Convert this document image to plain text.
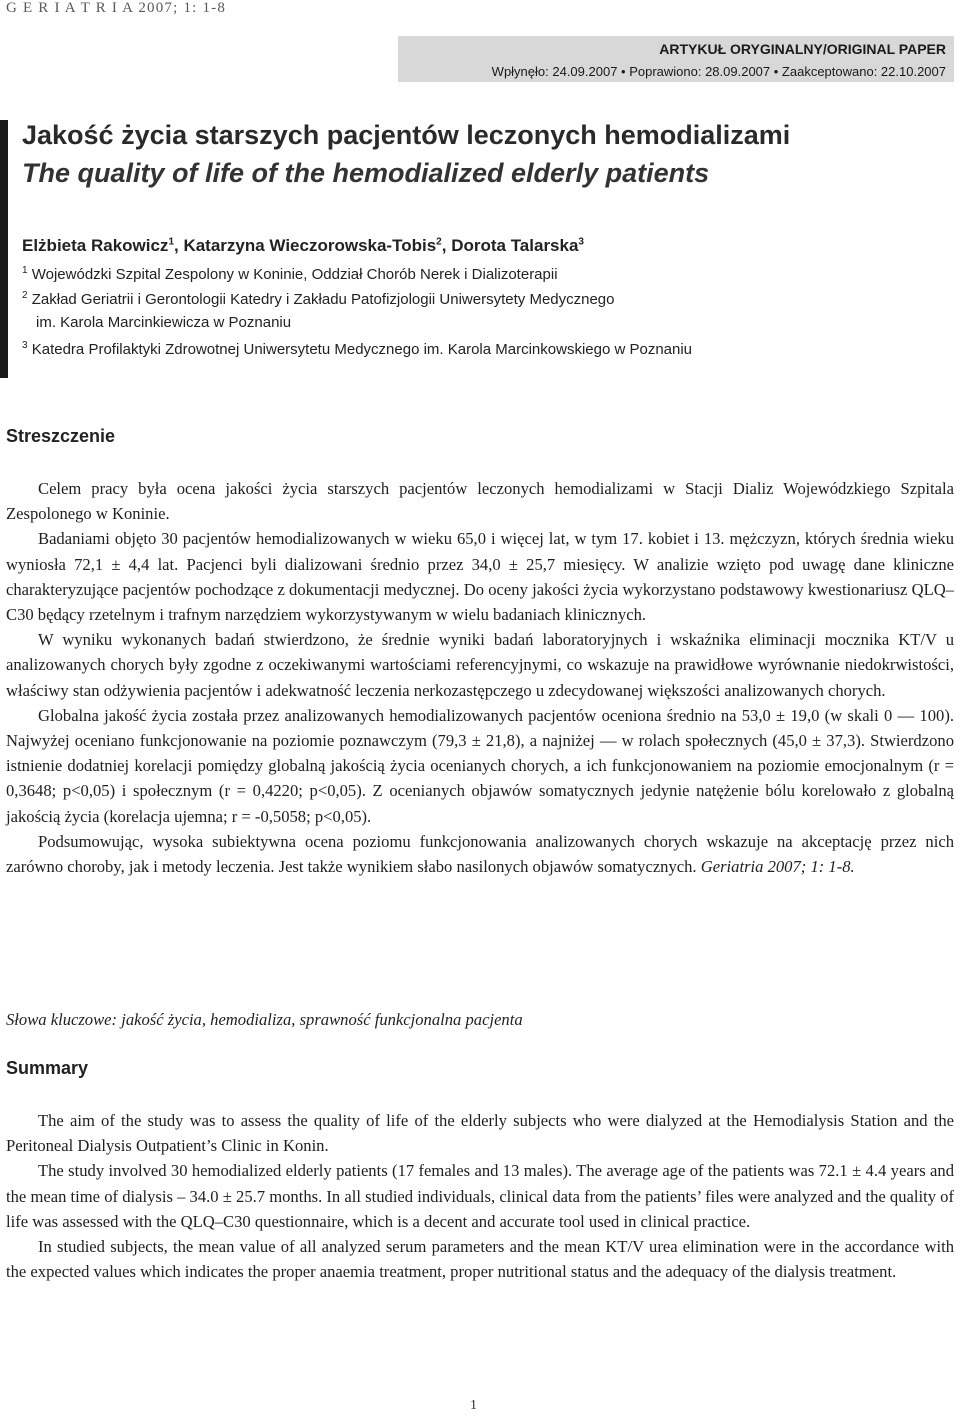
G E R I A T R I A 2007; 1: 1-8
ARTYKUŁ ORYGINALNY/ORIGINAL PAPER
Wpłynęło: 24.09.2007 • Poprawiono: 28.09.2007 • Zaakceptowano: 22.10.2007
Jakość życia starszych pacjentów leczonych hemodializami
The quality of life of the hemodialized elderly patients
Elżbieta Rakowicz$^1$, Katarzyna Wieczorowska-Tobis$^2$, Dorota Talarska$^3$
$^1$ Wojewódzki Szpital Zespolony w Koninie, Oddział Chorób Nerek i Dializoterapii
$^2$ Zakład Geriatrii i Gerontologii Katedry i Zakładu Patofizjologii Uniwersytety Medycznego
im. Karola Marcinkiewicza w Poznaniu
$^3$ Katedra Profilaktyki Zdrowotnej Uniwersytetu Medycznego im. Karola Marcinkowskiego w Poznaniu
Streszczenie

Celem pracy była ocena jakości życia starszych pacjentów leczonych hemodializami w Stacji Dializ Wojewódzkiego Szpitala Zespolonego w Koninie.

Badaniami objęto 30 pacjentów hemodializowanych w wieku 65,0 i więcej lat, w tym 17. kobiet i 13. mężczyzn, których średnia wieku wyniosła 72,1 ± 4,4 lat. Pacjenci byli dializowani średnio przez 34,0 ± 25,7 miesięcy. W analizie wzięto pod uwagę dane kliniczne charakteryzujące pacjentów pochodzące z dokumentacji medycznej. Do oceny jakości życia wykorzystano podstawowy kwestionariusz QLQ–C30 będący rzetelnym i trafnym narzędziem wykorzystywanym w wielu badaniach klinicznych.

W wyniku wykonanych badań stwierdzono, że średnie wyniki badań laboratoryjnych i wskaźnika eliminacji mocznika KT/V u analizowanych chorych były zgodne z oczekiwanymi wartościami referencyjnymi, co wskazuje na prawidłowe wyrównanie niedokrwistości, właściwy stan odżywienia pacjentów i adekwatność leczenia nerkozastępczego u zdecydowanej większości analizowanych chorych.

Globalna jakość życia została przez analizowanych hemodializowanych pacjentów oceniona średnio na 53,0 ± 19,0 (w skali 0 — 100). Najwyżej oceniano funkcjonowanie na poziomie poznawczym (79,3 ± 21,8), a najniżej — w rolach społecznych (45,0 ± 37,3). Stwierdzono istnienie dodatniej korelacji pomiędzy globalną jakością życia ocenianych chorych, a ich funkcjonowaniem na poziomie emocjonalnym (r = 0,3648; p<0,05) i społecznym (r = 0,4220; p<0,05). Z ocenianych objawów somatycznych jedynie natężenie bólu korelowało z globalną jakością życia (korelacja ujemna; r = -0,5058; p<0,05).

Podsumowując, wysoka subiektywna ocena poziomu funkcjonowania analizowanych chorych wskazuje na akceptację przez nich zarówno choroby, jak i metody leczenia. Jest także wynikiem słabo nasilonych objawów somatycznych. Geriatria 2007; 1: 1-8.

Słowa kluczowe: jakość życia, hemodializa, sprawność funkcjonalna pacjenta
Summary

The aim of the study was to assess the quality of life of the elderly subjects who were dialyzed at the Hemodialysis Station and the Peritoneal Dialysis Outpatient’s Clinic in Konin.

The study involved 30 hemodialized elderly patients (17 females and 13 males). The average age of the patients was 72.1 ± 4.4 years and the mean time of dialysis – 34.0 ± 25.7 months. In all studied individuals, clinical data from the patients’ files were analyzed and the quality of life was assessed with the QLQ–C30 questionnaire, which is a decent and accurate tool used in clinical practice.

In studied subjects, the mean value of all analyzed serum parameters and the mean KT/V urea elimination were in the accordance with the expected values which indicates the proper anaemia treatment, proper nutritional status and the adequacy of the dialysis treatment.

1
